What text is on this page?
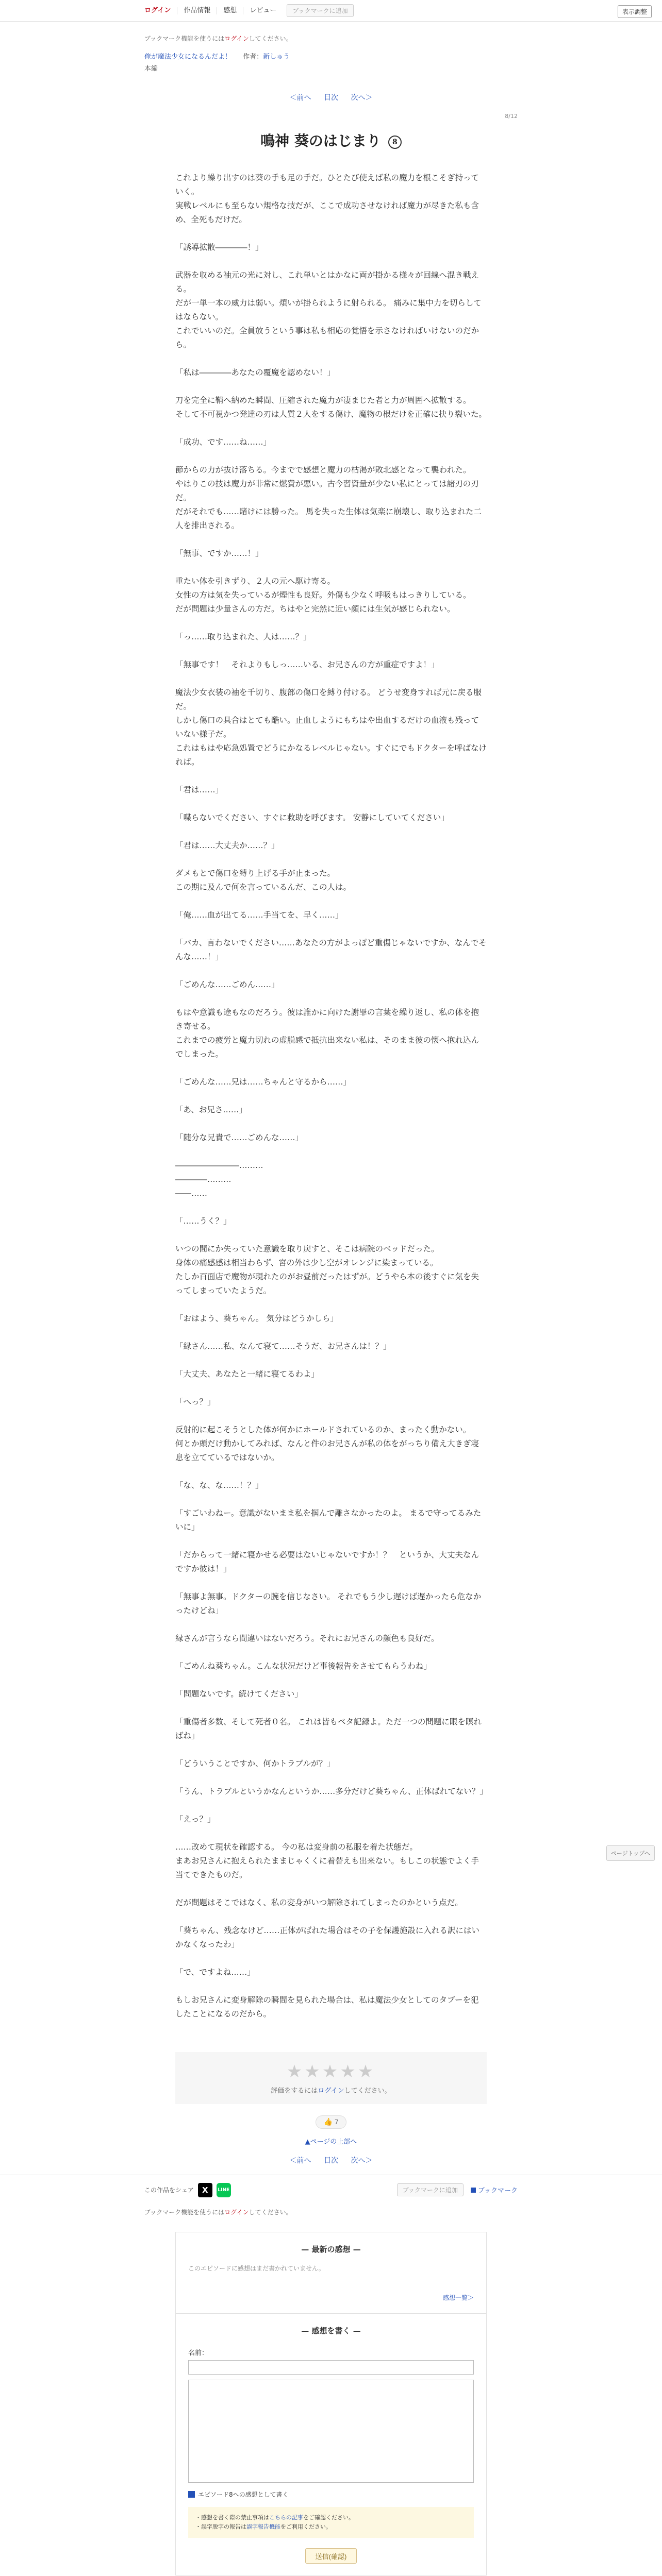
ログイン	作品情報	感想	レビュー	ブックマークに追加	表示調整
ブックマーク機能を使うにはログインしてください。
俺が魔法少女になるんだよ！ 作者：新しゅう
本編
＜前へ 目次 次へ＞
8/12
鳴神 葵のはじまり 8

これより繰り出すのは葵の手も足の手だ。ひとたび使えば私の魔力を根こそぎ持っていく。

実戦レベルにも至らない規格な技だが、ここで成功させなければ魔力が尽きた私も含め、全死もだけだ。

「誘導拡散――――！」

武器を収める袖元の光に対し、これ単いとはかなに両が掛かる様々が回線へ混き戦える。

だが一単一本の威力は弱い。煩いが掛られように射られる。 痛みに集中力を切らしてはならない。

これでいいのだ。全員放うという事は私も相応の覚悟を示さなければいけないのだから。

「私は――――あなたの覆魔を認めない！」

刀を完全に鞘へ納めた瞬間、圧縮された魔力が凄まじた者と力が周囲へ拡散する。

そして不可視かつ発達の刃は人質２人をする傷け、魔物の根だけを正確に抉り裂いた。

「成功、です……ね……」

節からの力が抜け落ちる。今までで感想と魔力の枯渇が敗北感となって襲われた。

やはりこの技は魔力が非常に燃費が悪い。古今習資量が少ない私にとっては諸刃の刃だ。

だがそれでも……賭けには勝った。 馬を失った生体は気楽に崩壊し、取り込まれた二人を排出される。

「無事、ですか……！」

重たい体を引きずり、２人の元へ駆け寄る。

女性の方は気を失っているが煙性も良好。外傷も少なく呼吸もはっきりしている。

だが問題は少量さんの方だ。ちはやと完然に近い顔には生気が感じられない。

「っ……取り込まれた、人は……？」

「無事です！　それよりもしっ……いる、お兄さんの方が重症ですよ！」

魔法少女衣装の袖を千切り、腹部の傷口を縛り付ける。 どうせ変身すれば元に戻る服だ。

しかし傷口の具合はとても酷い。止血しようにもちはや出血するだけの血液も残っていない様子だ。

これはもはや応急処置でどうにかなるレベルじゃない。すぐにでもドクターを呼ばなければ。

「君は……」

「喋らないでください、すぐに救助を呼びます。 安静にしていてください」

「君は……大丈夫か……？」

ダメもとで傷口を縛り上げる手が止まった。

この期に及んで何を言っているんだ、この人は。

「俺……血が出てる……手当てを、早く……」

「バカ、言わないでください……あなたの方がよっぽど重傷じゃないですか、なんでそんな……！」

「ごめんな……ごめん……」

もはや意識も途もなのだろう。彼は誰かに向けた謝罪の言葉を繰り返し、私の体を抱き寄せる。

これまでの疲労と魔力切れの虚脱感で抵抗出来ない私は、そのまま彼の懐へ抱れ込んでしまった。

「ごめんな……兄は……ちゃんと守るから……」

「あ、お兄さ……」

「随分な兄貴で……ごめんな……」

――――――――………

――――………

――……

「……うく？」

いつの間にか失っていた意識を取り戻すと、そこは病院のベッドだった。

身体の痛感感は相当わらず、宮の外は少し空がオレンジに染まっている。

たしか百面店で魔物が現れたのがお昼前だったはずが。どうやら本の後すぐに気を失ってしまっていたようだ。

「おはよう、葵ちゃん。 気分はどうかしら」

「縁さん……私、なんて寝て……そうだ、お兄さんは！？」

「大丈夫、あなたと一緒に寝てるわよ」

「へっ？」

反射的に起こそうとした体が何かにホールドされているのか、まったく動かない。

何とか頭だけ動かしてみれば、なんと件のお兄さんが私の体をがっちり備え大きぎ寝息を立てているではないか。

「な、な、な……！？」

「すごいわねー。意識がないまま私を掴んで離さなかったのよ。 まるで守ってるみたいに」

「だからって一緒に寝かせる必要はないじゃないですか！？　というか、大丈夫なんですか彼は！」

「無事よ無事。ドクターの腕を信じなさい。 それでもう少し遅けば遅かったら危なかったけどね」

縁さんが言うなら間違いはないだろう。それにお兄さんの顔色も良好だ。

「ごめんね葵ちゃん。こんな状況だけど事後報告をさせてもらうわね」

「問題ないです。続けてください」

「重傷者多数、そして死者０名。 これは皆もベタ記録よ。ただ一つの問題に眼を瞑ればね」

「どういうことですか、何かトラブルが？」

「うん、トラブルというかなんというか……多分だけど葵ちゃん、正体ばれてない？」

「えっ？」

……改めて現状を確認する。 今の私は変身前の私服を着た状態だ。

まあお兄さんに抱えられたままじゃくくに着替えも出来ない。もしこの状態でよく手当てできたものだ。

だが問題はそこではなく、私の変身がいつ解除されてしまったのかという点だ。

「葵ちゃん、残念なけど……正体がばれた場合はその子を保護施設に入れる訳にはいかなくなったわ」

「で、ですよね……」

もしお兄さんに変身解除の瞬間を見られた場合は、私は魔法少女としてのタブーを犯したことになるのだから。

★★★★★
評価をするにはログインしてください。
👍 7
▲ページの上部へ
＜前へ 目次 次へ＞
この作品をシェア	X	LINE	ブックマークに追加	ブックマーク
ブックマーク機能を使うにはログインしてください。
— 最新の感想 —
このエピソードに感想はまだ書かれていません。
感想一覧＞
— 感想を書く —
名前：
エピソード8への感想として書く
・感想を書く際の禁止事項はこちらの記事をご確認ください。
・誤字脱字の報告は誤字報告機能をご利用ください。
送信(確認)
ページトップへ
